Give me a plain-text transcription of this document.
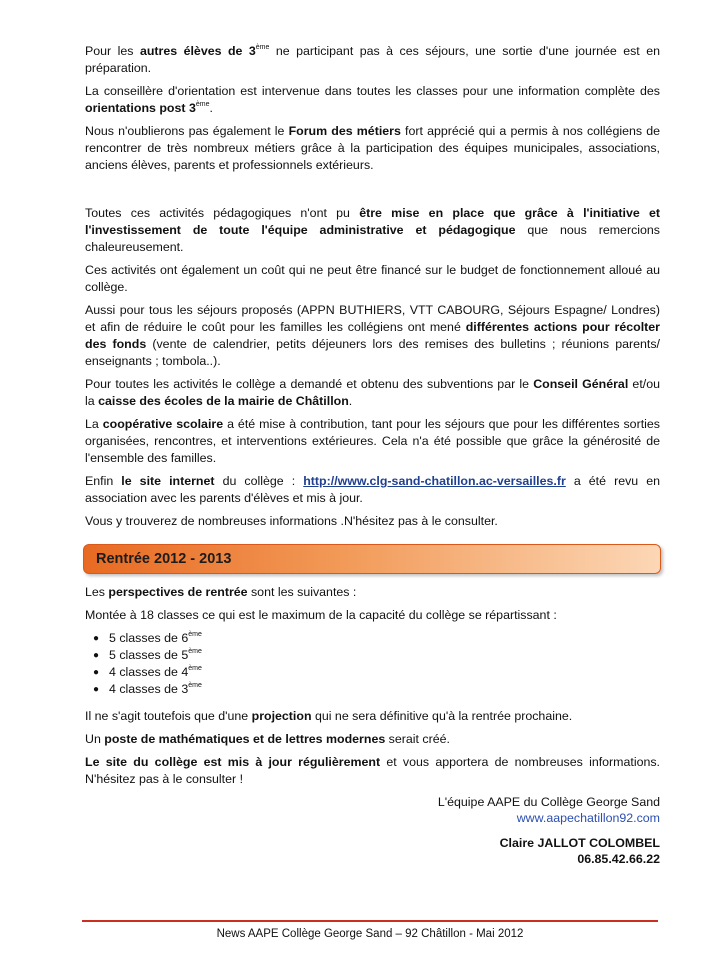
Pour les autres élèves de 3ème ne participant pas à ces séjours, une sortie d'une journée est en préparation.

La conseillère d'orientation est intervenue dans toutes les classes pour une information complète des orientations post 3ème.

Nous n'oublierons pas également le Forum des métiers fort apprécié qui a permis à nos collégiens de rencontrer de très nombreux métiers grâce à la participation des équipes municipales, associations, anciens élèves, parents et professionnels extérieurs.

Toutes ces activités pédagogiques n'ont pu être mise en place que grâce à l'initiative et l'investissement de toute l'équipe administrative et pédagogique que nous remercions chaleureusement.

Ces activités ont également un coût qui ne peut être financé sur le budget de fonctionnement alloué au collège.

Aussi pour tous les séjours proposés (APPN BUTHIERS, VTT CABOURG, Séjours Espagne/ Londres) et afin de réduire le coût pour les familles les collégiens ont mené différentes actions pour récolter des fonds (vente de calendrier, petits déjeuners lors des remises des bulletins ; réunions parents/ enseignants ; tombola..).

Pour toutes les activités le collège a demandé et obtenu des subventions par le Conseil Général et/ou la caisse des écoles de la mairie de Châtillon.

La coopérative scolaire a été mise à contribution, tant pour les séjours que pour les différentes sorties organisées, rencontres, et interventions extérieures. Cela n'a été possible que grâce la générosité de l'ensemble des familles.

Enfin le site internet du collège : http://www.clg-sand-chatillon.ac-versailles.fr a été revu en association avec les parents d'élèves et mis à jour.

Vous y trouverez de nombreuses informations .N'hésitez pas à le consulter.

Rentrée 2012 - 2013

Les perspectives de rentrée sont les suivantes :

Montée à 18 classes ce qui est le maximum de la capacité du collège se répartissant :

● 5 classes de 6ème
● 5 classes de 5ème
● 4 classes de 4ème
● 4 classes de 3ème

Il ne s'agit toutefois que d'une projection qui ne sera définitive qu'à la rentrée prochaine.

Un poste de mathématiques et de lettres modernes serait créé.

Le site du collège est mis à jour régulièrement et vous apportera de nombreuses informations. N'hésitez pas à le consulter !

L'équipe AAPE du Collège George Sand
www.aapechatillon92.com
Claire JALLOT COLOMBEL
06.85.42.66.22
News AAPE Collège George Sand – 92 Châtillon - Mai 2012
